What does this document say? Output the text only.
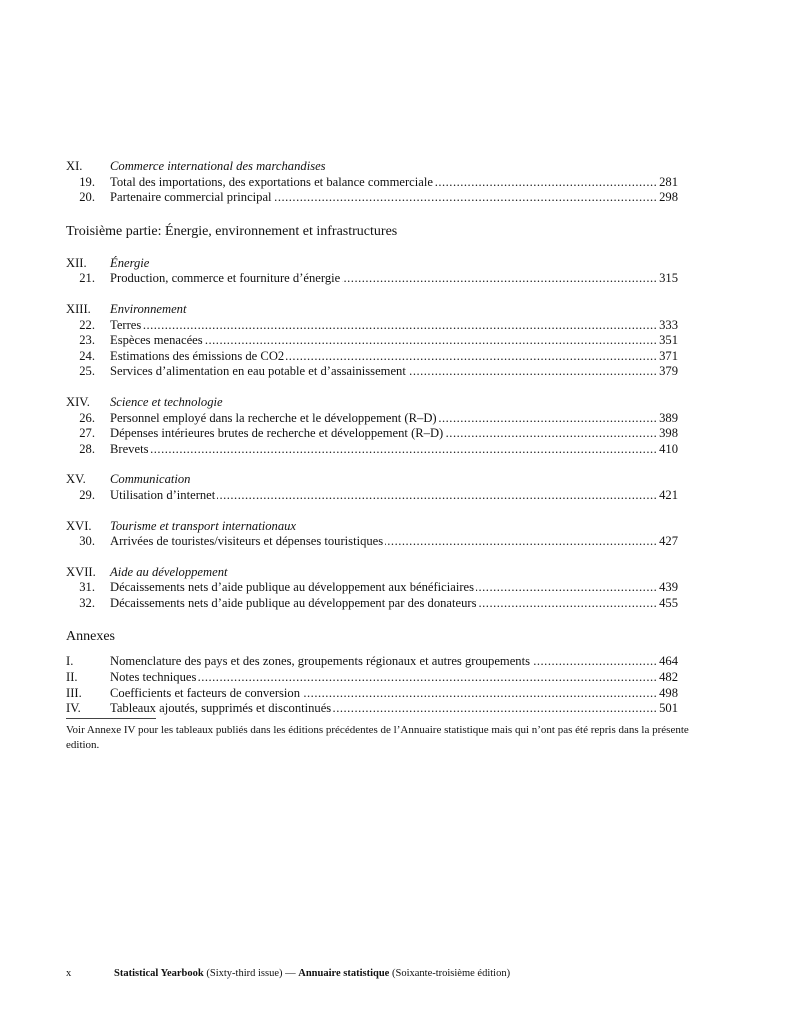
XI.	Commerce international des marchandises
19.	Total des importations, des exportations et balance commerciale .....	281
20.	Partenaire commercial principal .....	298
Troisième partie: Énergie, environnement et infrastructures
XII.	Énergie
21.	Production, commerce et fourniture d’énergie .....	315
XIII.	Environnement
22.	Terres .....	333
23.	Espèces menacées .....	351
24.	Estimations des émissions de CO2 .....	371
25.	Services d’alimentation en eau potable et d’assainissement .....	379
XIV.	Science et technologie
26.	Personnel employé dans la recherche et le développement (R–D) .....	389
27.	Dépenses intérieures brutes de recherche et développement (R–D) .....	398
28.	Brevets .....	410
XV.	Communication
29.	Utilisation d’internet .....	421
XVI.	Tourisme et transport internationaux
30.	Arrivées de touristes/visiteurs et dépenses touristiques .....	427
XVII.	Aide au développement
31.	Décaissements nets d’aide publique au développement aux bénéficiaires .....	439
32.	Décaissements nets d’aide publique au développement par des donateurs .....	455
Annexes
I.	Nomenclature des pays et des zones, groupements régionaux et autres groupements .....	464
II.	Notes techniques .....	482
III.	Coefficients et facteurs de conversion .....	498
IV.	Tableaux ajoutés, supprimés et discontinués .....	501
Voir Annexe IV pour les tableaux publiés dans les éditions précédentes de l’Annuaire statistique mais qui n’ont pas été repris dans la présente edition.
x	Statistical Yearbook (Sixty-third issue) — Annuaire statistique (Soixante-troisième édition)
